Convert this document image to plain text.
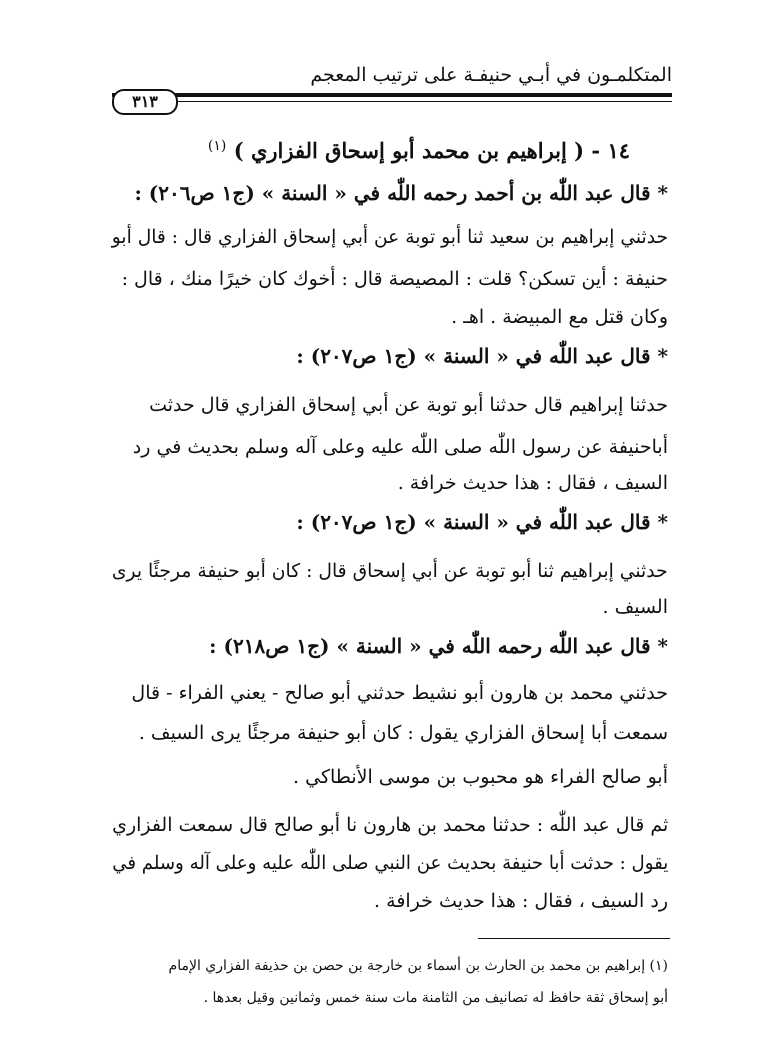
المتكلمـون في أبـي حنيفـة على ترتيب المعجم
٣١٣
١٤ - ( إبراهيم بن محمد أبو إسحاق الفزاري ) $^{(١)}$
* قال عبد اللّٰه بن أحمد رحمه اللّٰه في « السنة » (ج١ ص٢٠٦) :
حدثني إبراهيم بن سعيد ثنا أبو توبة عن أبي إسحاق الفزاري قال : قال أبو
حنيفة : أين تسكن؟ قلت : المصيصة قال : أخوك كان خيرًا منك ، قال :
وكان قتل مع المبيضة . اهـ .
* قال عبد اللّٰه في « السنة » (ج١ ص٢٠٧) :
حدثنا إبراهيم قال حدثنا أبو توبة عن أبي إسحاق الفزاري قال حدثت
أباحنيفة عن رسول اللّٰه صلى اللّٰه عليه وعلى آله وسلم بحديث في رد
السيف ، فقال : هذا حديث خرافة .
* قال عبد اللّٰه في « السنة » (ج١ ص٢٠٧) :
حدثني إبراهيم ثنا أبو توبة عن أبي إسحاق قال : كان أبو حنيفة مرجئًا يرى
السيف .
* قال عبد اللّٰه رحمه اللّٰه في « السنة » (ج١ ص٢١٨) :
حدثني محمد بن هارون أبو نشيط حدثني أبو صالح - يعني الفراء - قال
سمعت أبا إسحاق الفزاري يقول : كان أبو حنيفة مرجئًا يرى السيف .
أبو صالح الفراء هو محبوب بن موسى الأنطاكي .
ثم قال عبد اللّٰه : حدثنا محمد بن هارون نا أبو صالح قال سمعت الفزاري
يقول : حدثت أبا حنيفة بحديث عن النبي صلى اللّٰه عليه وعلى آله وسلم في
رد السيف ، فقال : هذا حديث خرافة .
(١) إبراهيم بن محمد بن الحارث بن أسماء بن خارجة بن حصن بن حذيفة الفزاري الإمام
أبو إسحاق ثقة حافظ له تصانيف من الثامنة مات سنة خمس وثمانين وقيل بعدها .
